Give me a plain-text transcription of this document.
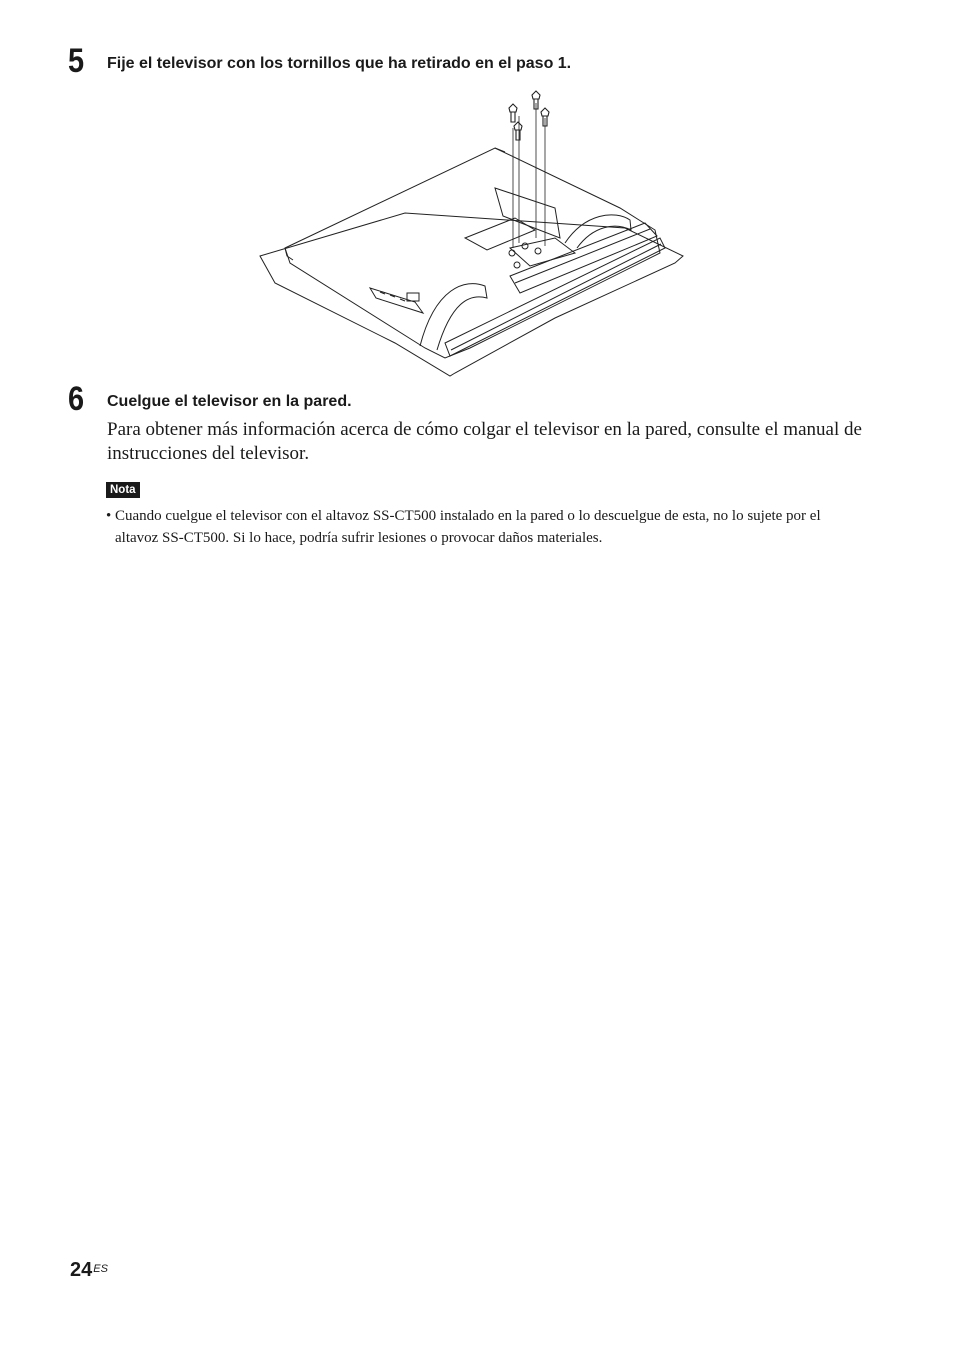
5 Fije el televisor con los tornillos que ha retirado en el paso 1.
6 Cuelgue el televisor en la pared.
Para obtener más información acerca de cómo colgar el televisor en la pared, consulte el manual de instrucciones del televisor.
Nota
• Cuando cuelgue el televisor con el altavoz SS-CT500 instalado en la pared o lo descuelgue de esta, no lo sujete por el altavoz SS-CT500. Si lo hace, podría sufrir lesiones o provocar daños materiales.
$24^{ES}$
